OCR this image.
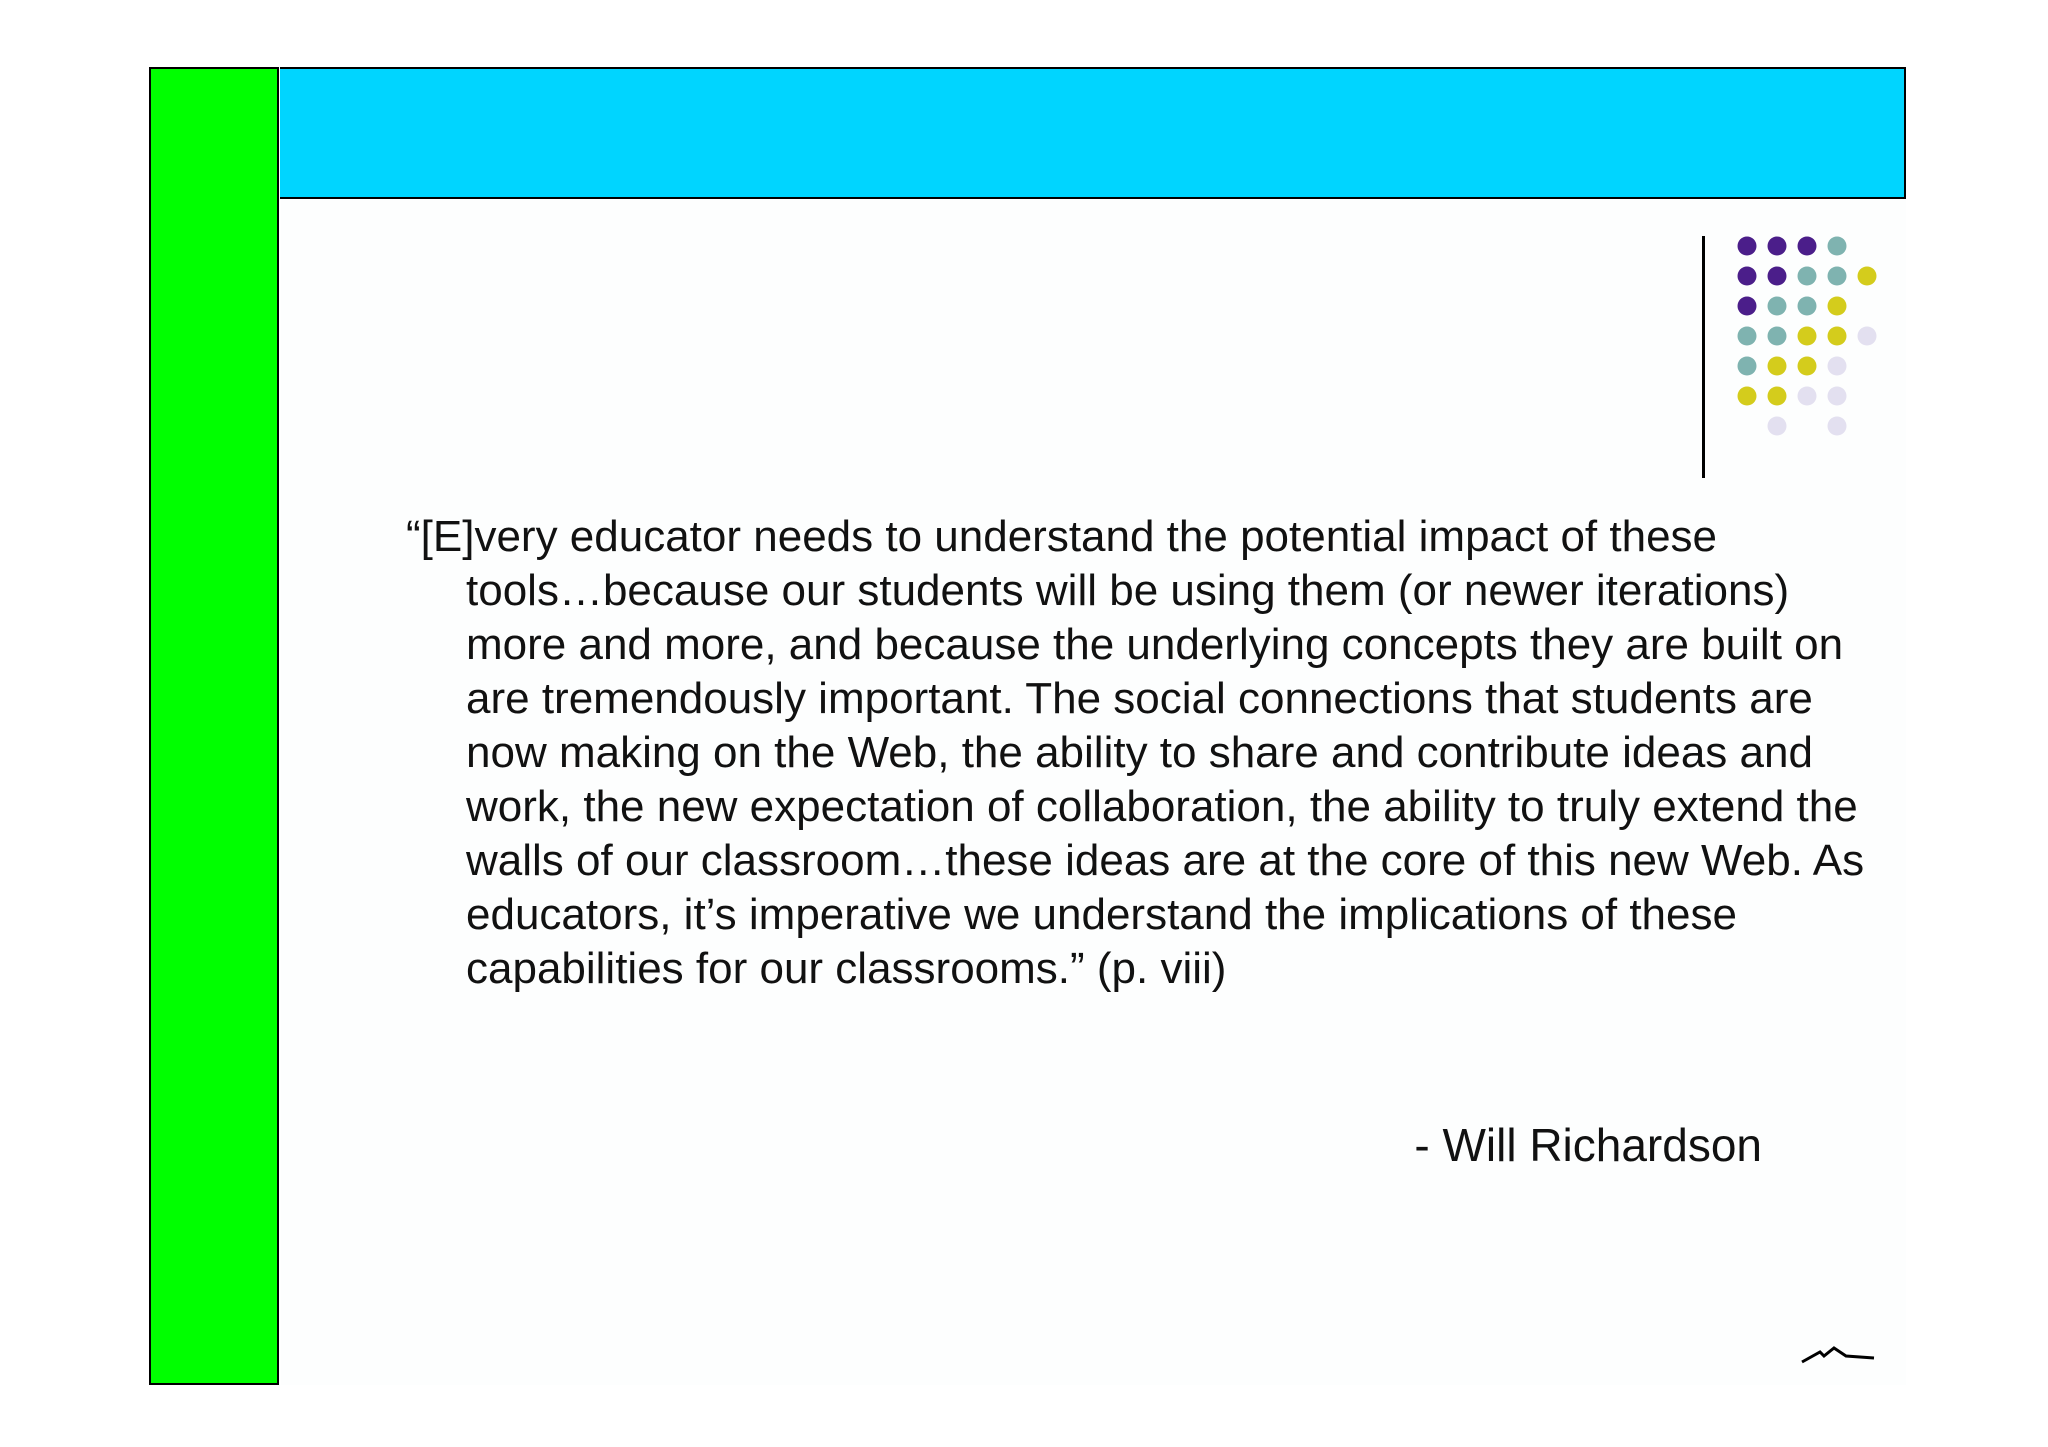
“[E]very educator needs to understand the potential impact of these tools…because our students will be using them (or newer iterations) more and more, and because the underlying concepts they are built on are tremendously important. The social connections that students are now making on the Web, the ability to share and contribute ideas and work, the new expectation of collaboration, the ability to truly extend the walls of our classroom…these ideas are at the core of this new Web. As educators, it’s imperative we understand the implications of these capabilities for our classrooms.” (p. viii)

- Will Richardson
